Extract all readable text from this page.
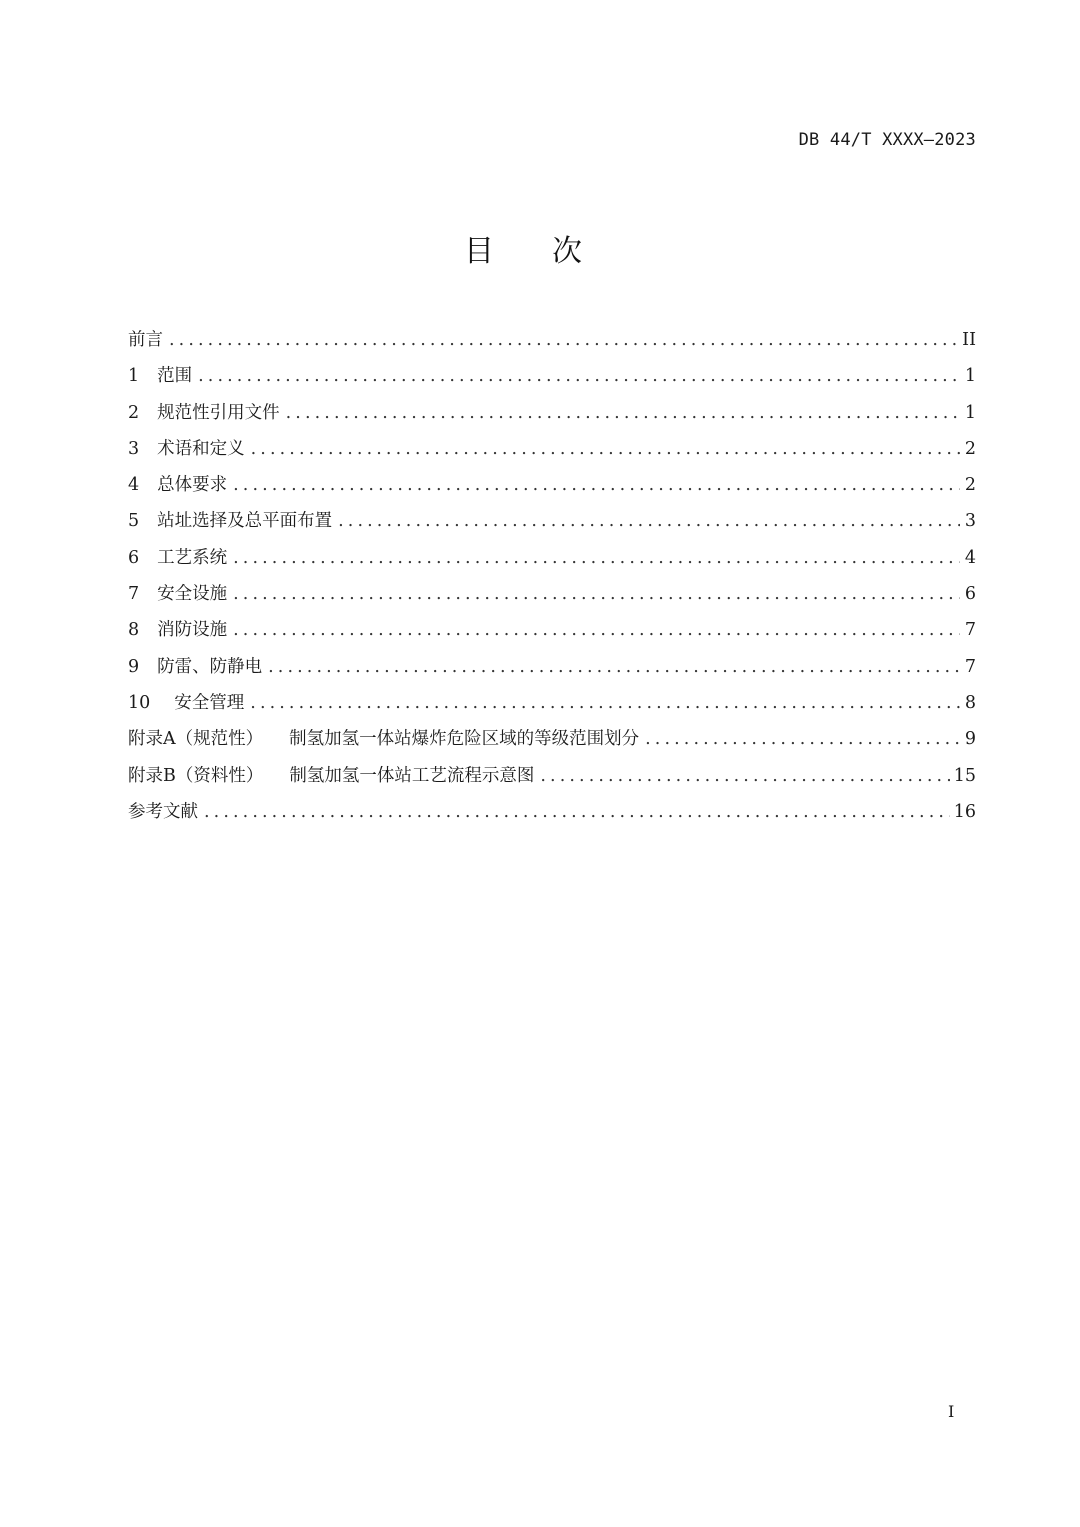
DB 44/T XXXX—2023
目次
前言 .....	II
1	范围 .....	1
2	规范性引用文件 .....	1
3	术语和定义 .....	2
4	总体要求 .....	2
5	站址选择及总平面布置 .....	3
6	工艺系统 .....	4
7	安全设施 .....	6
8	消防设施 .....	7
9	防雷、防静电 .....	7
10	安全管理 .....	8
附录A（规范性）	制氢加氢一体站爆炸危险区域的等级范围划分 .....	9
附录B（资料性）	制氢加氢一体站工艺流程示意图 .....	15
参考文献 .....	16
I
